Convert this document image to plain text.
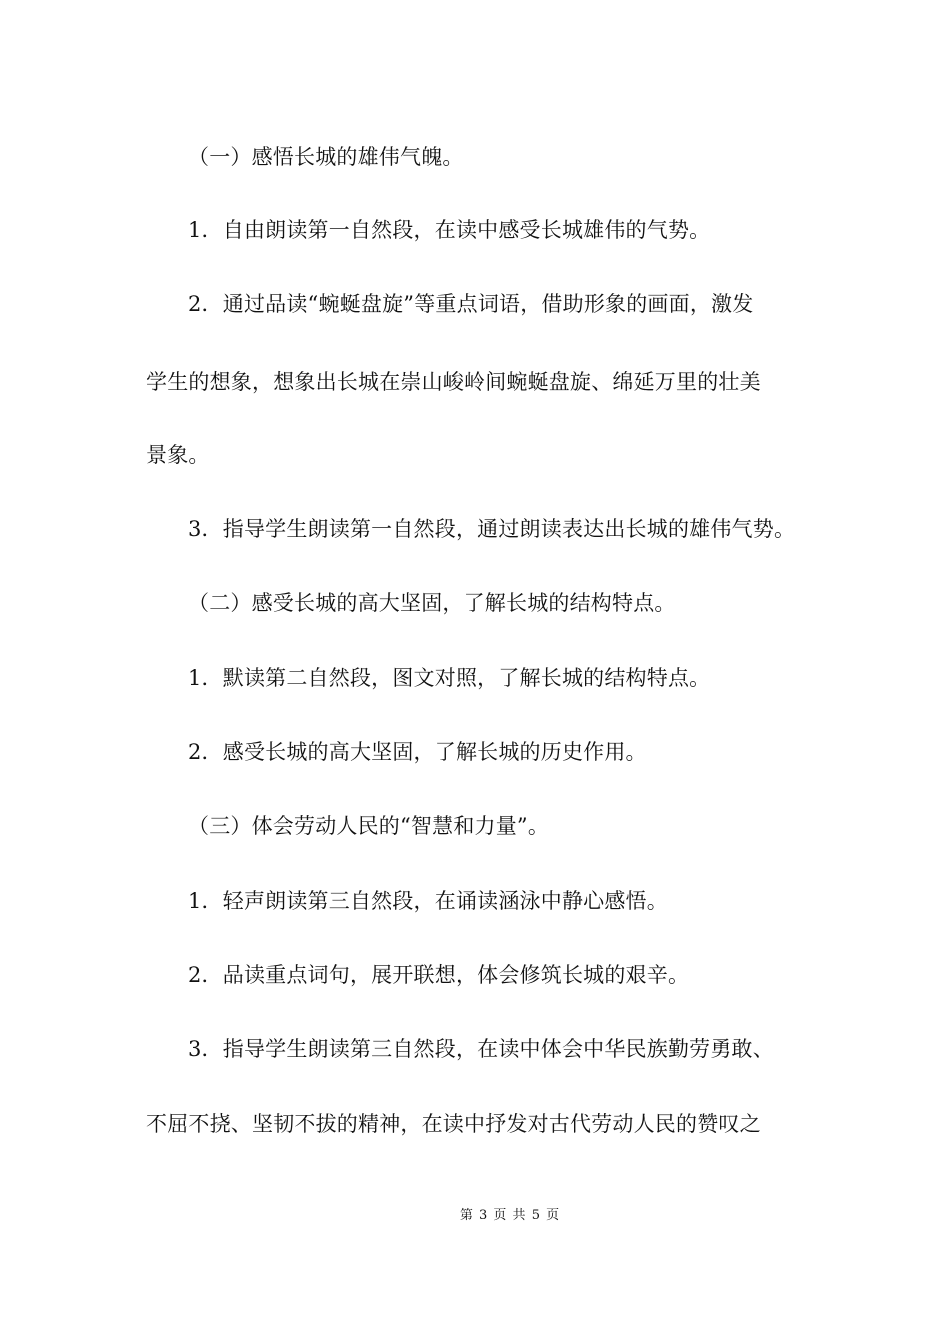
（一）感悟长城的雄伟气魄。
1．自由朗读第一自然段，在读中感受长城雄伟的气势。
2．通过品读“蜿蜒盘旋”等重点词语，借助形象的画面，激发
学生的想象，想象出长城在崇山峻岭间蜿蜒盘旋、绵延万里的壮美
景象。
3．指导学生朗读第一自然段，通过朗读表达出长城的雄伟气势。
（二）感受长城的高大坚固，了解长城的结构特点。
1．默读第二自然段，图文对照，了解长城的结构特点。
2．感受长城的高大坚固，了解长城的历史作用。
（三）体会劳动人民的“智慧和力量”。
1．轻声朗读第三自然段，在诵读涵泳中静心感悟。
2．品读重点词句，展开联想，体会修筑长城的艰辛。
3．指导学生朗读第三自然段，在读中体会中华民族勤劳勇敢、
不屈不挠、坚韧不拔的精神，在读中抒发对古代劳动人民的赞叹之
第 3 页 共 5 页
